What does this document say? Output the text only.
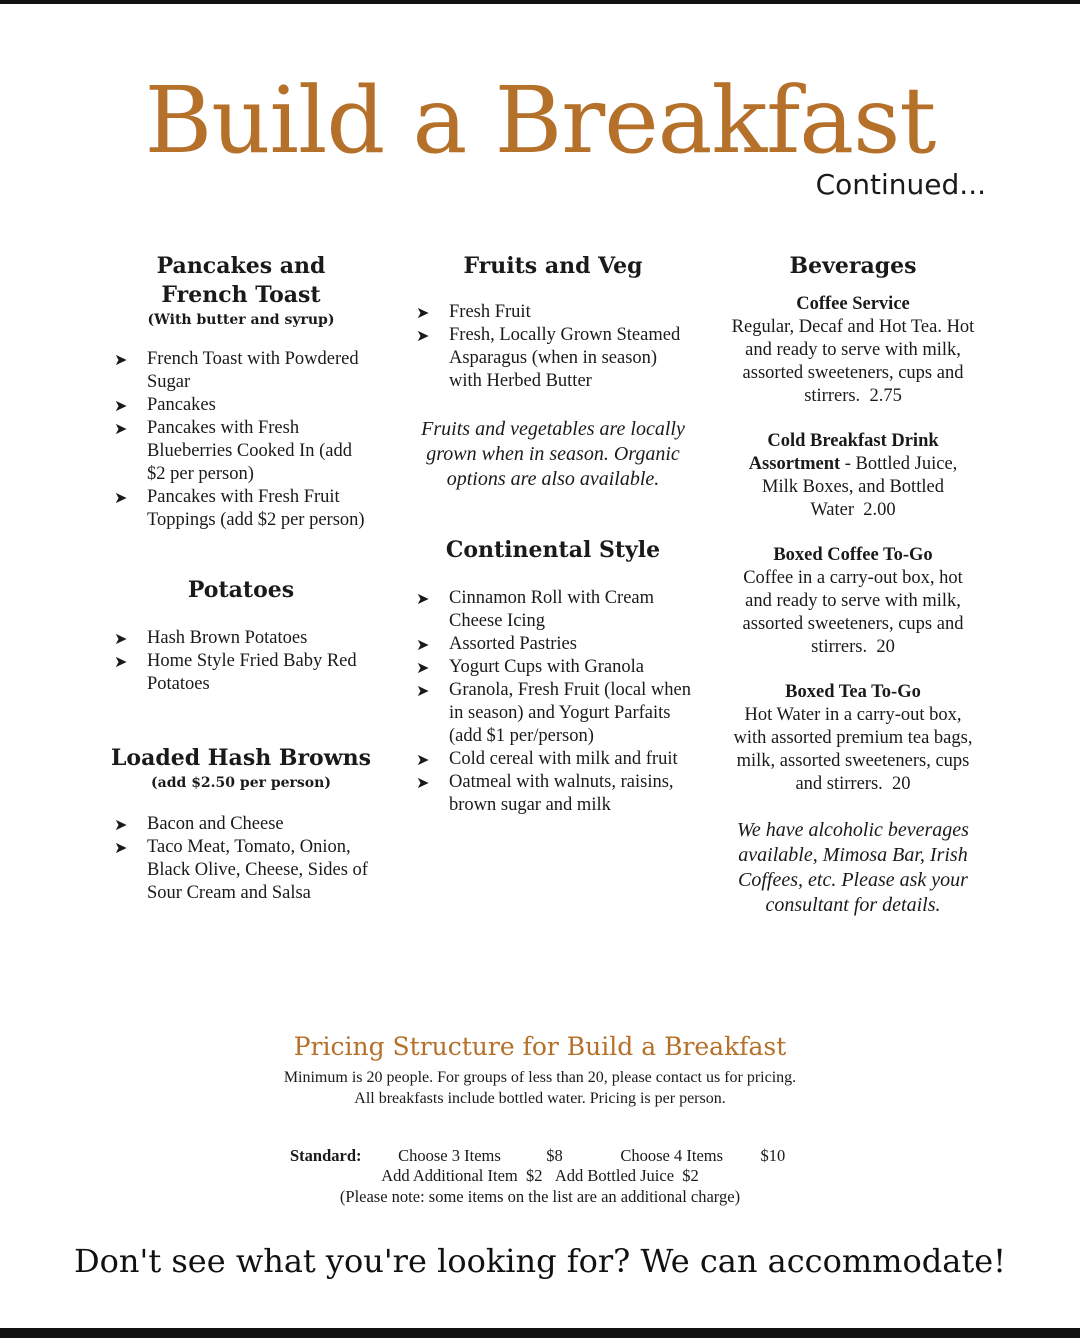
Build a Breakfast
Continued...

Pancakes and

French Toast

(With butter and syrup)

➤ French Toast with Powdered Sugar
➤ Pancakes
➤ Pancakes with Fresh Blueberries Cooked In (add $2 per person)
➤ Pancakes with Fresh Fruit Toppings (add $2 per person)

Potatoes

➤ Hash Brown Potatoes
➤ Home Style Fried Baby Red Potatoes

Loaded Hash Browns

(add $2.50 per person)

➤ Bacon and Cheese
➤ Taco Meat, Tomato, Onion, Black Olive, Cheese, Sides of Sour Cream and Salsa

Fruits and Veg

➤ Fresh Fruit
➤ Fresh, Locally Grown Steamed Asparagus (when in season) with Herbed Butter

Fruits and vegetables are locally grown when in season. Organic options are also available.

Continental Style

➤ Cinnamon Roll with Cream Cheese Icing
➤ Assorted Pastries
➤ Yogurt Cups with Granola
➤ Granola, Fresh Fruit (local when in season) and Yogurt Parfaits (add $1 per/person)
➤ Cold cereal with milk and fruit
➤ Oatmeal with walnuts, raisins, brown sugar and milk

Beverages

Coffee Service
Regular, Decaf and Hot Tea. Hot and ready to serve with milk, assorted sweeteners, cups and stirrers. 2.75
Cold Breakfast Drink
Assortment - Bottled Juice, Milk Boxes, and Bottled Water 2.00
Boxed Coffee To-Go
Coffee in a carry-out box, hot and ready to serve with milk, assorted sweeteners, cups and stirrers. 20
Boxed Tea To-Go
Hot Water in a carry-out box, with assorted premium tea bags, milk, assorted sweeteners, cups and stirrers. 20

We have alcoholic beverages available, Mimosa Bar, Irish Coffees, etc. Please ask your consultant for details.

Pricing Structure for Build a Breakfast
Minimum is 20 people. For groups of less than 20, please contact us for pricing.
All breakfasts include bottled water. Pricing is per person.
Standard: Choose 3 Items	$8	Choose 4 Items $10
Add Additional Item $2 Add Bottled Juice $2
(Please note: some items on the list are an additional charge)
Don't see what you're looking for? We can accommodate!
